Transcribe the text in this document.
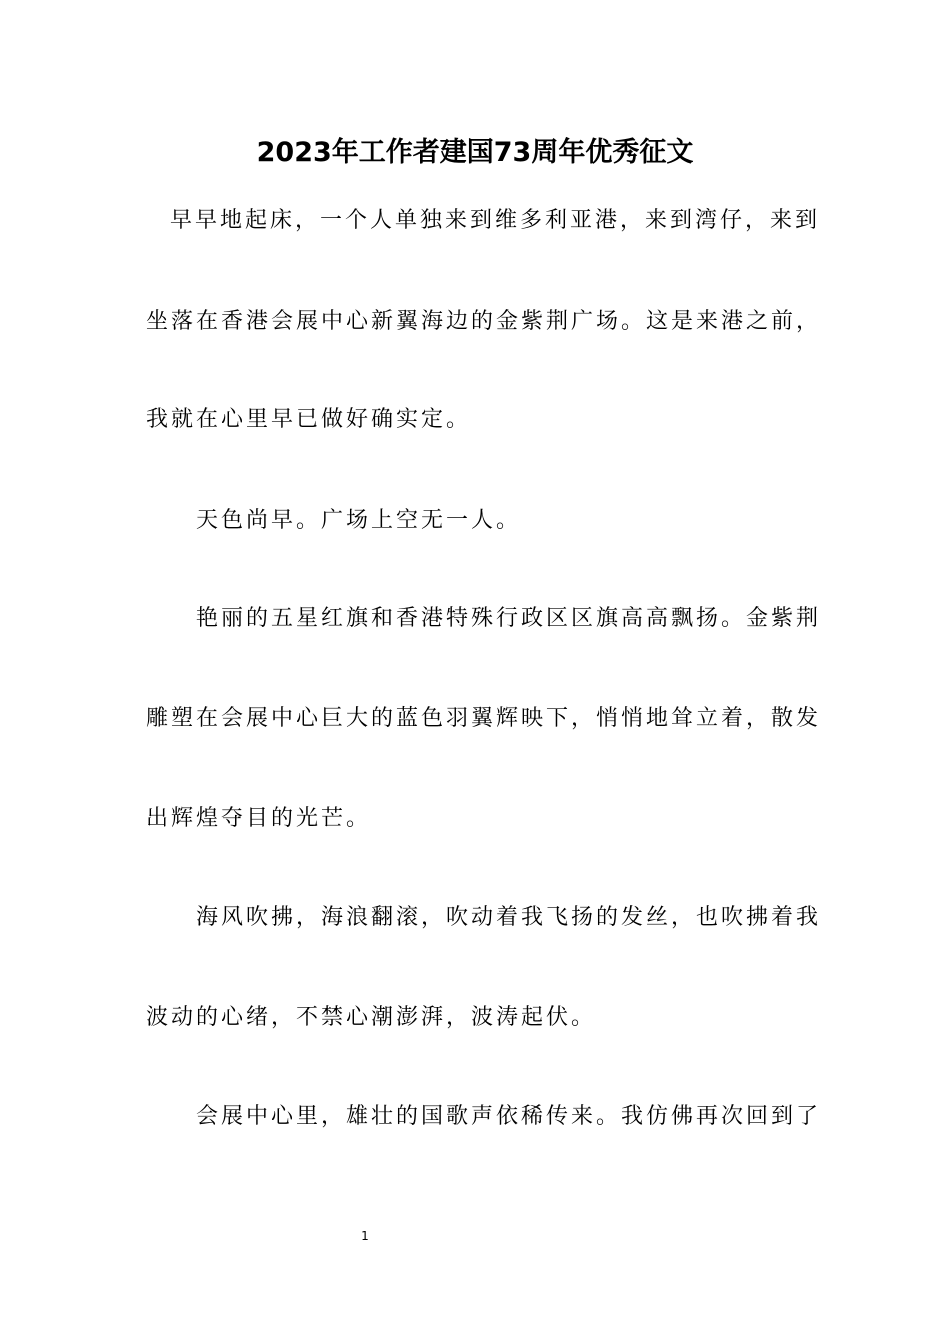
2023年工作者建国73周年优秀征文
早早地起床，一个人单独来到维多利亚港，来到湾仔，来到
坐落在香港会展中心新翼海边的金紫荆广场。这是来港之前，
我就在心里早已做好确实定。
天色尚早。广场上空无一人。
艳丽的五星红旗和香港特殊行政区区旗高高飘扬。金紫荆
雕塑在会展中心巨大的蓝色羽翼辉映下，悄悄地耸立着，散发
出辉煌夺目的光芒。
海风吹拂，海浪翻滚，吹动着我飞扬的发丝，也吹拂着我
波动的心绪，不禁心潮澎湃，波涛起伏。
会展中心里，雄壮的国歌声依稀传来。我仿佛再次回到了
1
